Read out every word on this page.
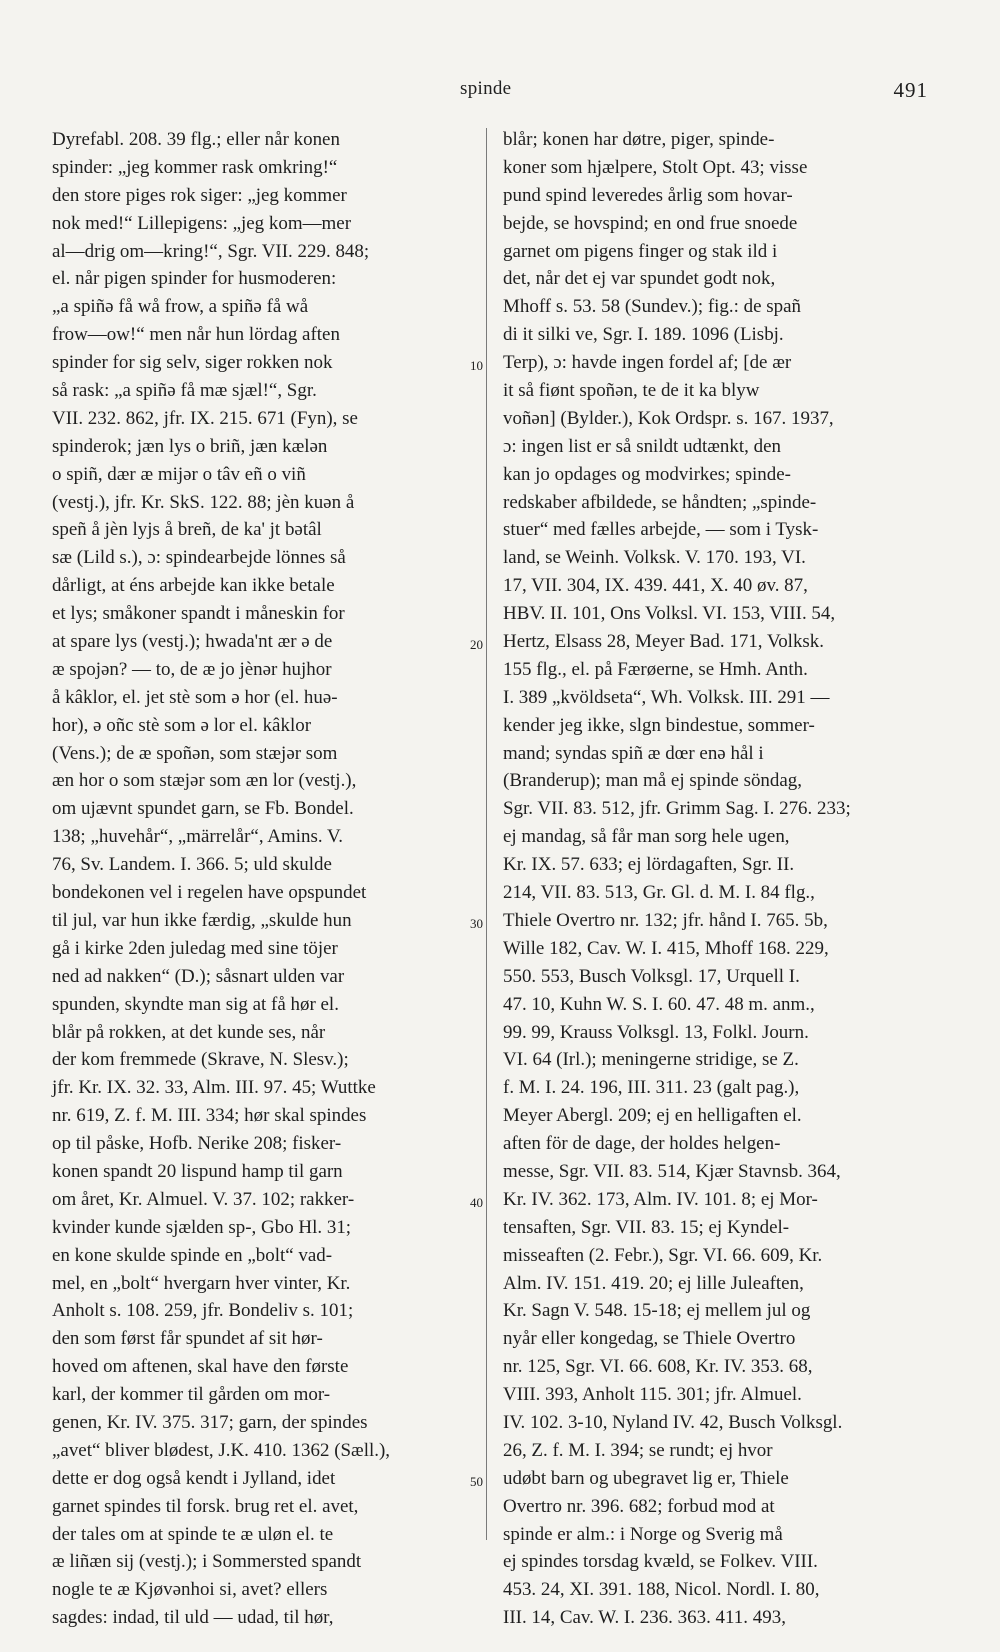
spinde	491
Dyrefabl. 208. 39 flg.; eller når konen
spinder: „jeg kommer rask omkring!“
den store piges rok siger: „jeg kommer
nok med!“ Lillepigens: „jeg kom—mer
al—drig om—kring!“, Sgr. VII. 229. 848;
el. når pigen spinder for husmoderen:
„a spiñə få wå frow, a spiñə få wå
frow—ow!“ men når hun lördag aften
spinder for sig selv, siger rokken nok
så rask: „a spiñə få mæ sjæl!“, Sgr.
VII. 232. 862, jfr. IX. 215. 671 (Fyn), se
spinderok; jæn lys o briñ, jæn kælən
o spiñ, dær æ mijər o tâv eñ o viñ
(vestj.), jfr. Kr. SkS. 122. 88; jèn kuən å
speñ å jèn lyjs å breñ, de ka' jt bətâl
sæ (Lild s.), ɔ: spindearbejde lönnes så
dårligt, at éns arbejde kan ikke betale
et lys; småkoner spandt i måneskin for
at spare lys (vestj.); hwada'nt ær ə de
æ spojən? — to, de æ jo jènər hujhor
å kâklor, el. jet stè som ə hor (el. huə-
hor), ə oñc stè som ə lor el. kâklor
(Vens.); de æ spoñən, som stæjər som
æn hor o som stæjər som æn lor (vestj.),
om ujævnt spundet garn, se Fb. Bondel.
138; „huvehår“, „märrelår“, Amins. V.
76, Sv. Landem. I. 366. 5; uld skulde
bondekonen vel i regelen have opspundet
til jul, var hun ikke færdig, „skulde hun
gå i kirke 2den juledag med sine töjer
ned ad nakken“ (D.); såsnart ulden var
spunden, skyndte man sig at få hør el.
blår på rokken, at det kunde ses, når
der kom fremmede (Skrave, N. Slesv.);
jfr. Kr. IX. 32. 33, Alm. III. 97. 45; Wuttke
nr. 619, Z. f. M. III. 334; hør skal spindes
op til påske, Hofb. Nerike 208; fisker-
konen spandt 20 lispund hamp til garn
om året, Kr. Almuel. V. 37. 102; rakker-
kvinder kunde sjælden sp-, Gbo Hl. 31;
en kone skulde spinde en „bolt“ vad-
mel, en „bolt“ hvergarn hver vinter, Kr.
Anholt s. 108. 259, jfr. Bondeliv s. 101;
den som først får spundet af sit hør-
hoved om aftenen, skal have den første
karl, der kommer til gården om mor-
genen, Kr. IV. 375. 317; garn, der spindes
„avet“ bliver blødest, J.K. 410. 1362 (Sæll.),
dette er dog også kendt i Jylland, idet
garnet spindes til forsk. brug ret el. avet,
der tales om at spinde te æ uløn el. te
æ liñæn sij (vestj.); i Sommersted spandt
nogle te æ Kjøvənhoi si, avet? ellers
sagdes: indad, til uld — udad, til hør,
10
20
30
40
50
blår; konen har døtre, piger, spinde-
koner som hjælpere, Stolt Opt. 43; visse
pund spind leveredes årlig som hovar-
bejde, se hovspind; en ond frue snoede
garnet om pigens finger og stak ild i
det, når det ej var spundet godt nok,
Mhoff s. 53. 58 (Sundev.); fig.: de spañ
di it silki ve, Sgr. I. 189. 1096 (Lisbj.
Terp), ɔ: havde ingen fordel af; [de ær
it så fiønt spoñən, te de it ka blyw
voñən] (Bylder.), Kok Ordspr. s. 167. 1937,
ɔ: ingen list er så snildt udtænkt, den
kan jo opdages og modvirkes; spinde-
redskaber afbildede, se håndten; „spinde-
stuer“ med fælles arbejde, — som i Tysk-
land, se Weinh. Volksk. V. 170. 193, VI.
17, VII. 304, IX. 439. 441, X. 40 øv. 87,
HBV. II. 101, Ons Volksl. VI. 153, VIII. 54,
Hertz, Elsass 28, Meyer Bad. 171, Volksk.
155 flg., el. på Færøerne, se Hmh. Anth.
I. 389 „kvöldseta“, Wh. Volksk. III. 291 —
kender jeg ikke, slgn bindestue, sommer-
mand; syndas spiñ æ dœr enə hål i
(Branderup); man må ej spinde söndag,
Sgr. VII. 83. 512, jfr. Grimm Sag. I. 276. 233;
ej mandag, så får man sorg hele ugen,
Kr. IX. 57. 633; ej lördagaften, Sgr. II.
214, VII. 83. 513, Gr. Gl. d. M. I. 84 flg.,
Thiele Overtro nr. 132; jfr. hånd I. 765. 5b,
Wille 182, Cav. W. I. 415, Mhoff 168. 229,
550. 553, Busch Volksgl. 17, Urquell I.
47. 10, Kuhn W. S. I. 60. 47. 48 m. anm.,
99. 99, Krauss Volksgl. 13, Folkl. Journ.
VI. 64 (Irl.); meningerne stridige, se Z.
f. M. I. 24. 196, III. 311. 23 (galt pag.),
Meyer Abergl. 209; ej en helligaften el.
aften för de dage, der holdes helgen-
messe, Sgr. VII. 83. 514, Kjær Stavnsb. 364,
Kr. IV. 362. 173, Alm. IV. 101. 8; ej Mor-
tensaften, Sgr. VII. 83. 15; ej Kyndel-
misseaften (2. Febr.), Sgr. VI. 66. 609, Kr.
Alm. IV. 151. 419. 20; ej lille Juleaften,
Kr. Sagn V. 548. 15-18; ej mellem jul og
nyår eller kongedag, se Thiele Overtro
nr. 125, Sgr. VI. 66. 608, Kr. IV. 353. 68,
VIII. 393, Anholt 115. 301; jfr. Almuel.
IV. 102. 3-10, Nyland IV. 42, Busch Volksgl.
26, Z. f. M. I. 394; se rundt; ej hvor
udøbt barn og ubegravet lig er, Thiele
Overtro nr. 396. 682; forbud mod at
spinde er alm.: i Norge og Sverig må
ej spindes torsdag kvæld, se Folkev. VIII.
453. 24, XI. 391. 188, Nicol. Nordl. I. 80,
III. 14, Cav. W. I. 236. 363. 411. 493,
